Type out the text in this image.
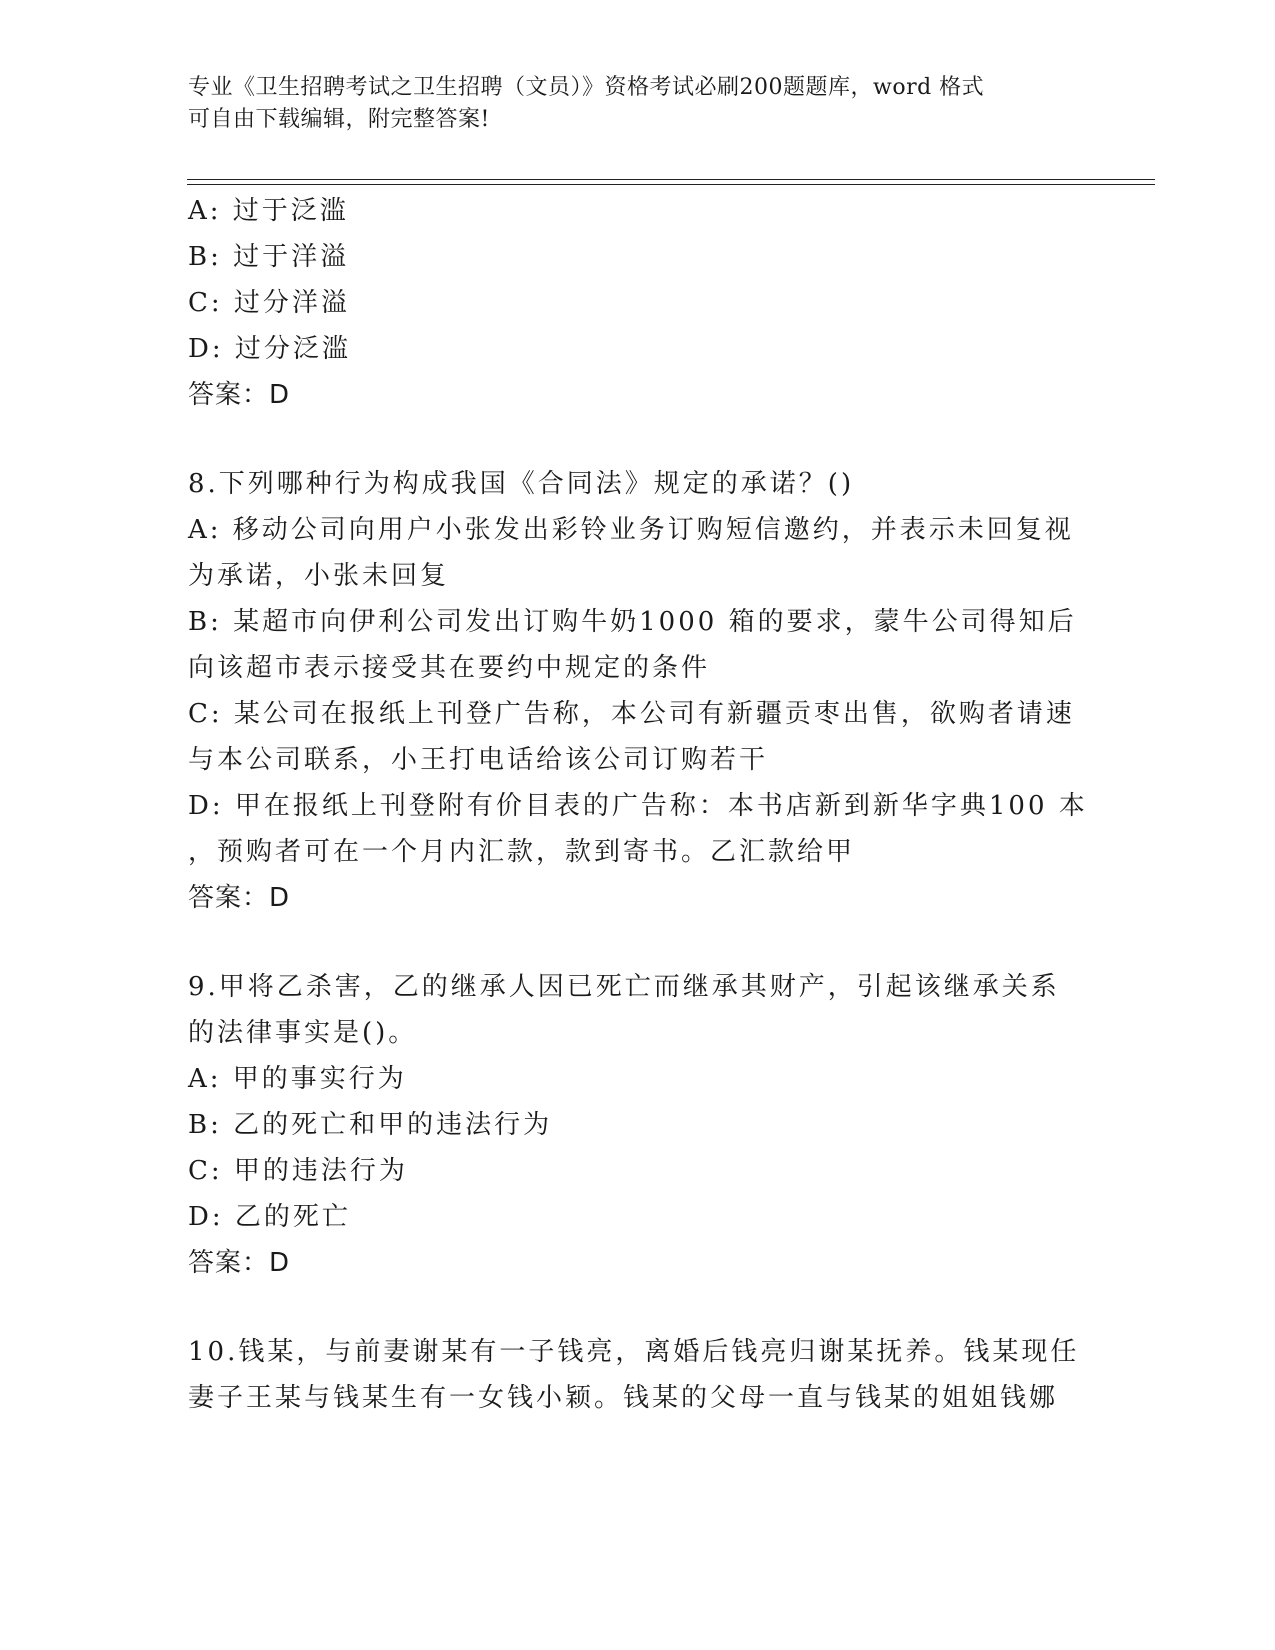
专业《卫生招聘考试之卫生招聘（文员）》资格考试必刷200题题库，word 格式
可自由下载编辑，附完整答案!

A: 过于泛滥

B: 过于洋溢

C: 过分洋溢

D: 过分泛滥

答案：D

8.下列哪种行为构成我国《合同法》规定的承诺？()

A: 移动公司向用户小张发出彩铃业务订购短信邀约，并表示未回复视

为承诺，小张未回复

B: 某超市向伊利公司发出订购牛奶1000 箱的要求，蒙牛公司得知后

向该超市表示接受其在要约中规定的条件

C: 某公司在报纸上刊登广告称，本公司有新疆贡枣出售，欲购者请速

与本公司联系，小王打电话给该公司订购若干

D: 甲在报纸上刊登附有价目表的广告称：本书店新到新华字典100 本

，预购者可在一个月内汇款，款到寄书。乙汇款给甲

答案：D

9.甲将乙杀害，乙的继承人因已死亡而继承其财产，引起该继承关系

的法律事实是()。

A: 甲的事实行为

B: 乙的死亡和甲的违法行为

C: 甲的违法行为

D: 乙的死亡

答案：D

10.钱某，与前妻谢某有一子钱亮，离婚后钱亮归谢某抚养。钱某现任

妻子王某与钱某生有一女钱小颖。钱某的父母一直与钱某的姐姐钱娜
